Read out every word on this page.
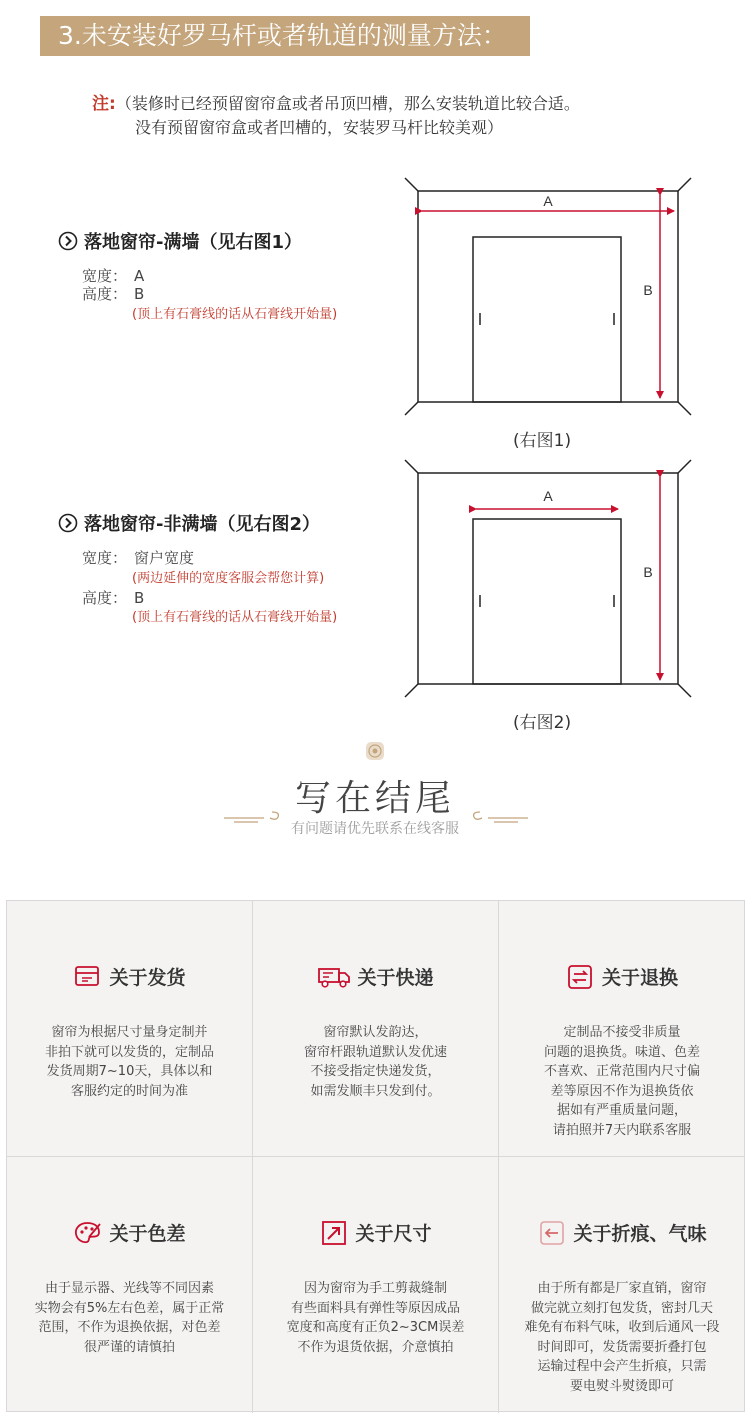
3.未安装好罗马杆或者轨道的测量方法：
注:（装修时已经预留窗帘盒或者吊顶凹槽，那么安装轨道比较合适。
没有预留窗帘盒或者凹槽的，安装罗马杆比较美观）
落地窗帘-满墙（见右图1）
宽度： A
高度： B
(顶上有石膏线的话从石膏线开始量)
A
B
(右图1)
落地窗帘-非满墙（见右图2）
宽度： 窗户宽度
(两边延伸的宽度客服会帮您计算)
高度： B
(顶上有石膏线的话从石膏线开始量)
A
B
(右图2)
写在结尾
有问题请优先联系在线客服
关于发货
窗帘为根据尺寸量身定制并
非拍下就可以发货的，定制品
发货周期7~10天，具体以和
客服约定的时间为准
关于快递
窗帘默认发韵达，
窗帘杆跟轨道默认发优速
不接受指定快递发货，
如需发顺丰只发到付。
关于退换
定制品不接受非质量
问题的退换货。味道、色差
不喜欢、正常范围内尺寸偏
差等原因不作为退换货依
据如有严重质量问题，
请拍照并7天内联系客服
关于色差
由于显示器、光线等不同因素
实物会有5%左右色差，属于正常
范围，不作为退换依据，对色差
很严谨的请慎拍
关于尺寸
因为窗帘为手工剪裁缝制
有些面料具有弹性等原因成品
宽度和高度有正负2~3CM误差
不作为退货依据，介意慎拍
关于折痕、气味
由于所有都是厂家直销，窗帘
做完就立刻打包发货，密封几天
难免有布料气味，收到后通风一段
时间即可，发货需要折叠打包
运输过程中会产生折痕，只需
要电熨斗熨烫即可
